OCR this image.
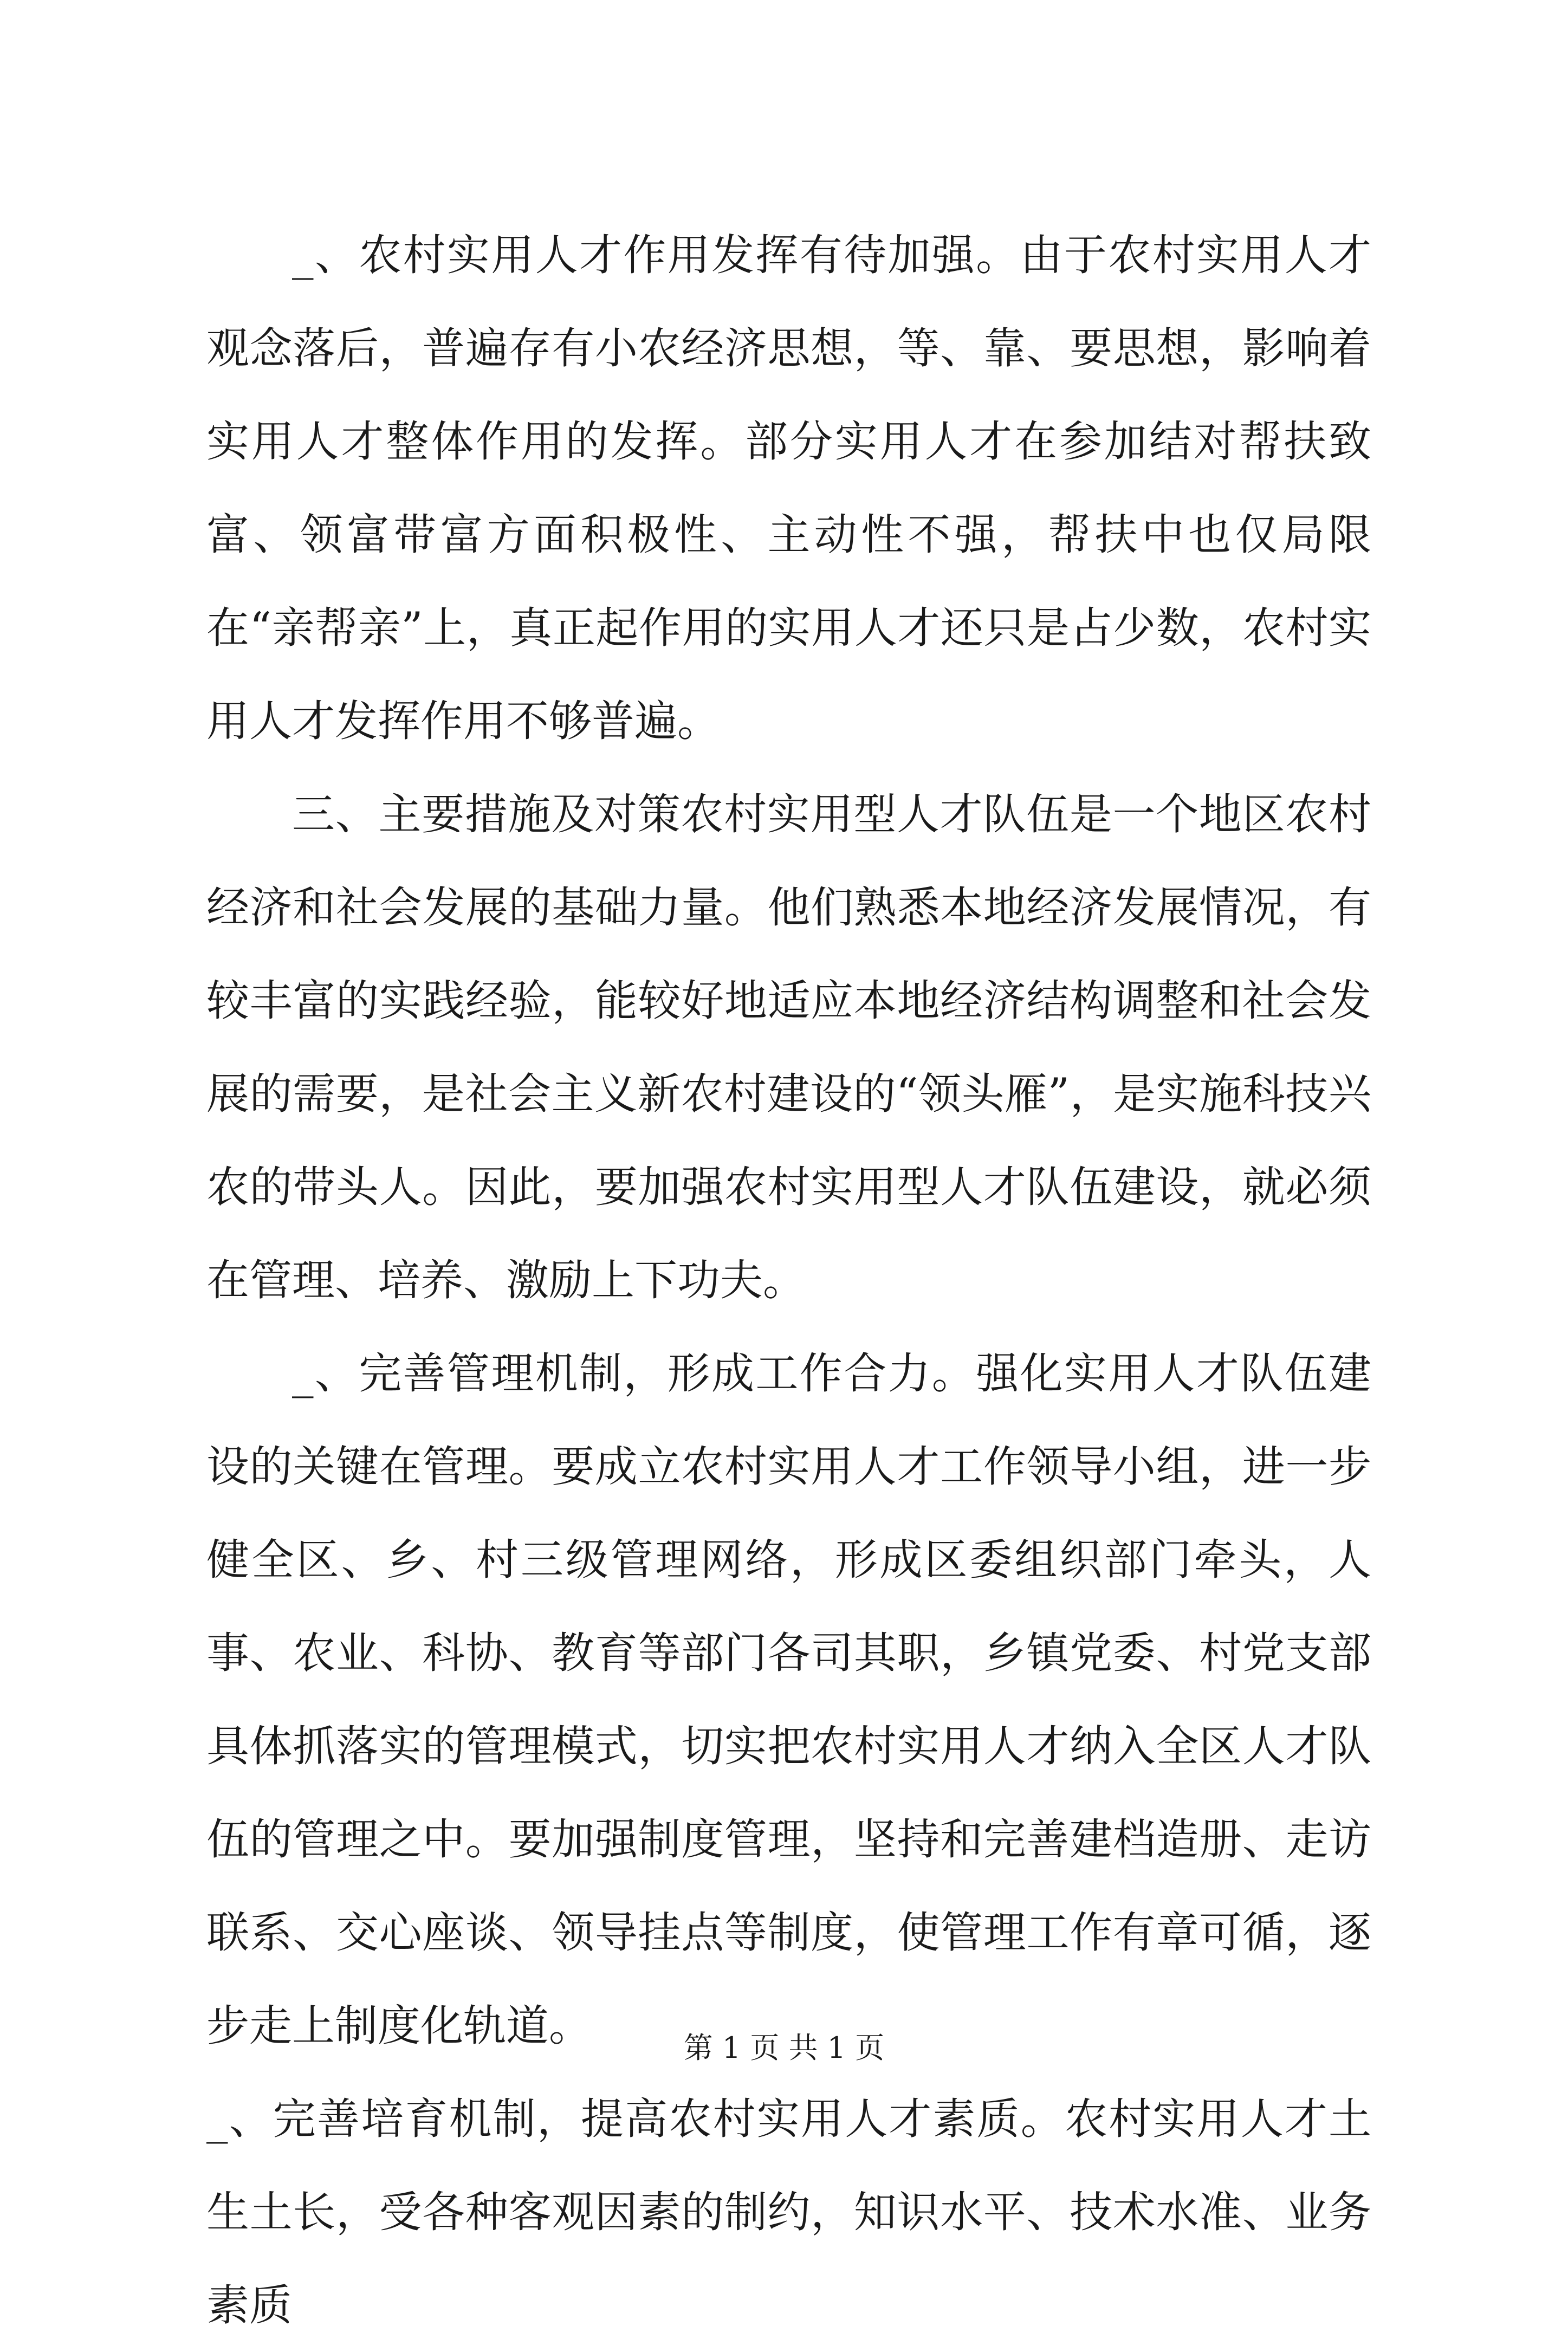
_、农村实用人才作用发挥有待加强。由于农村实用人才观念落后，普遍存有小农经济思想，等、靠、要思想，影响着实用人才整体作用的发挥。部分实用人才在参加结对帮扶致富、领富带富方面积极性、主动性不强，帮扶中也仅局限在“亲帮亲”上，真正起作用的实用人才还只是占少数，农村实用人才发挥作用不够普遍。

三、主要措施及对策农村实用型人才队伍是一个地区农村经济和社会发展的基础力量。他们熟悉本地经济发展情况，有较丰富的实践经验，能较好地适应本地经济结构调整和社会发展的需要，是社会主义新农村建设的“领头雁”，是实施科技兴农的带头人。因此，要加强农村实用型人才队伍建设，就必须在管理、培养、激励上下功夫。

_、完善管理机制，形成工作合力。强化实用人才队伍建设的关键在管理。要成立农村实用人才工作领导小组，进一步健全区、乡、村三级管理网络，形成区委组织部门牵头，人事、农业、科协、教育等部门各司其职，乡镇党委、村党支部具体抓落实的管理模式，切实把农村实用人才纳入全区人才队伍的管理之中。要加强制度管理，坚持和完善建档造册、走访联系、交心座谈、领导挂点等制度，使管理工作有章可循，逐步走上制度化轨道。

_、完善培育机制，提高农村实用人才素质。农村实用人才土生土长，受各种客观因素的制约，知识水平、技术水准、业务素质

第 1 页 共 1 页
